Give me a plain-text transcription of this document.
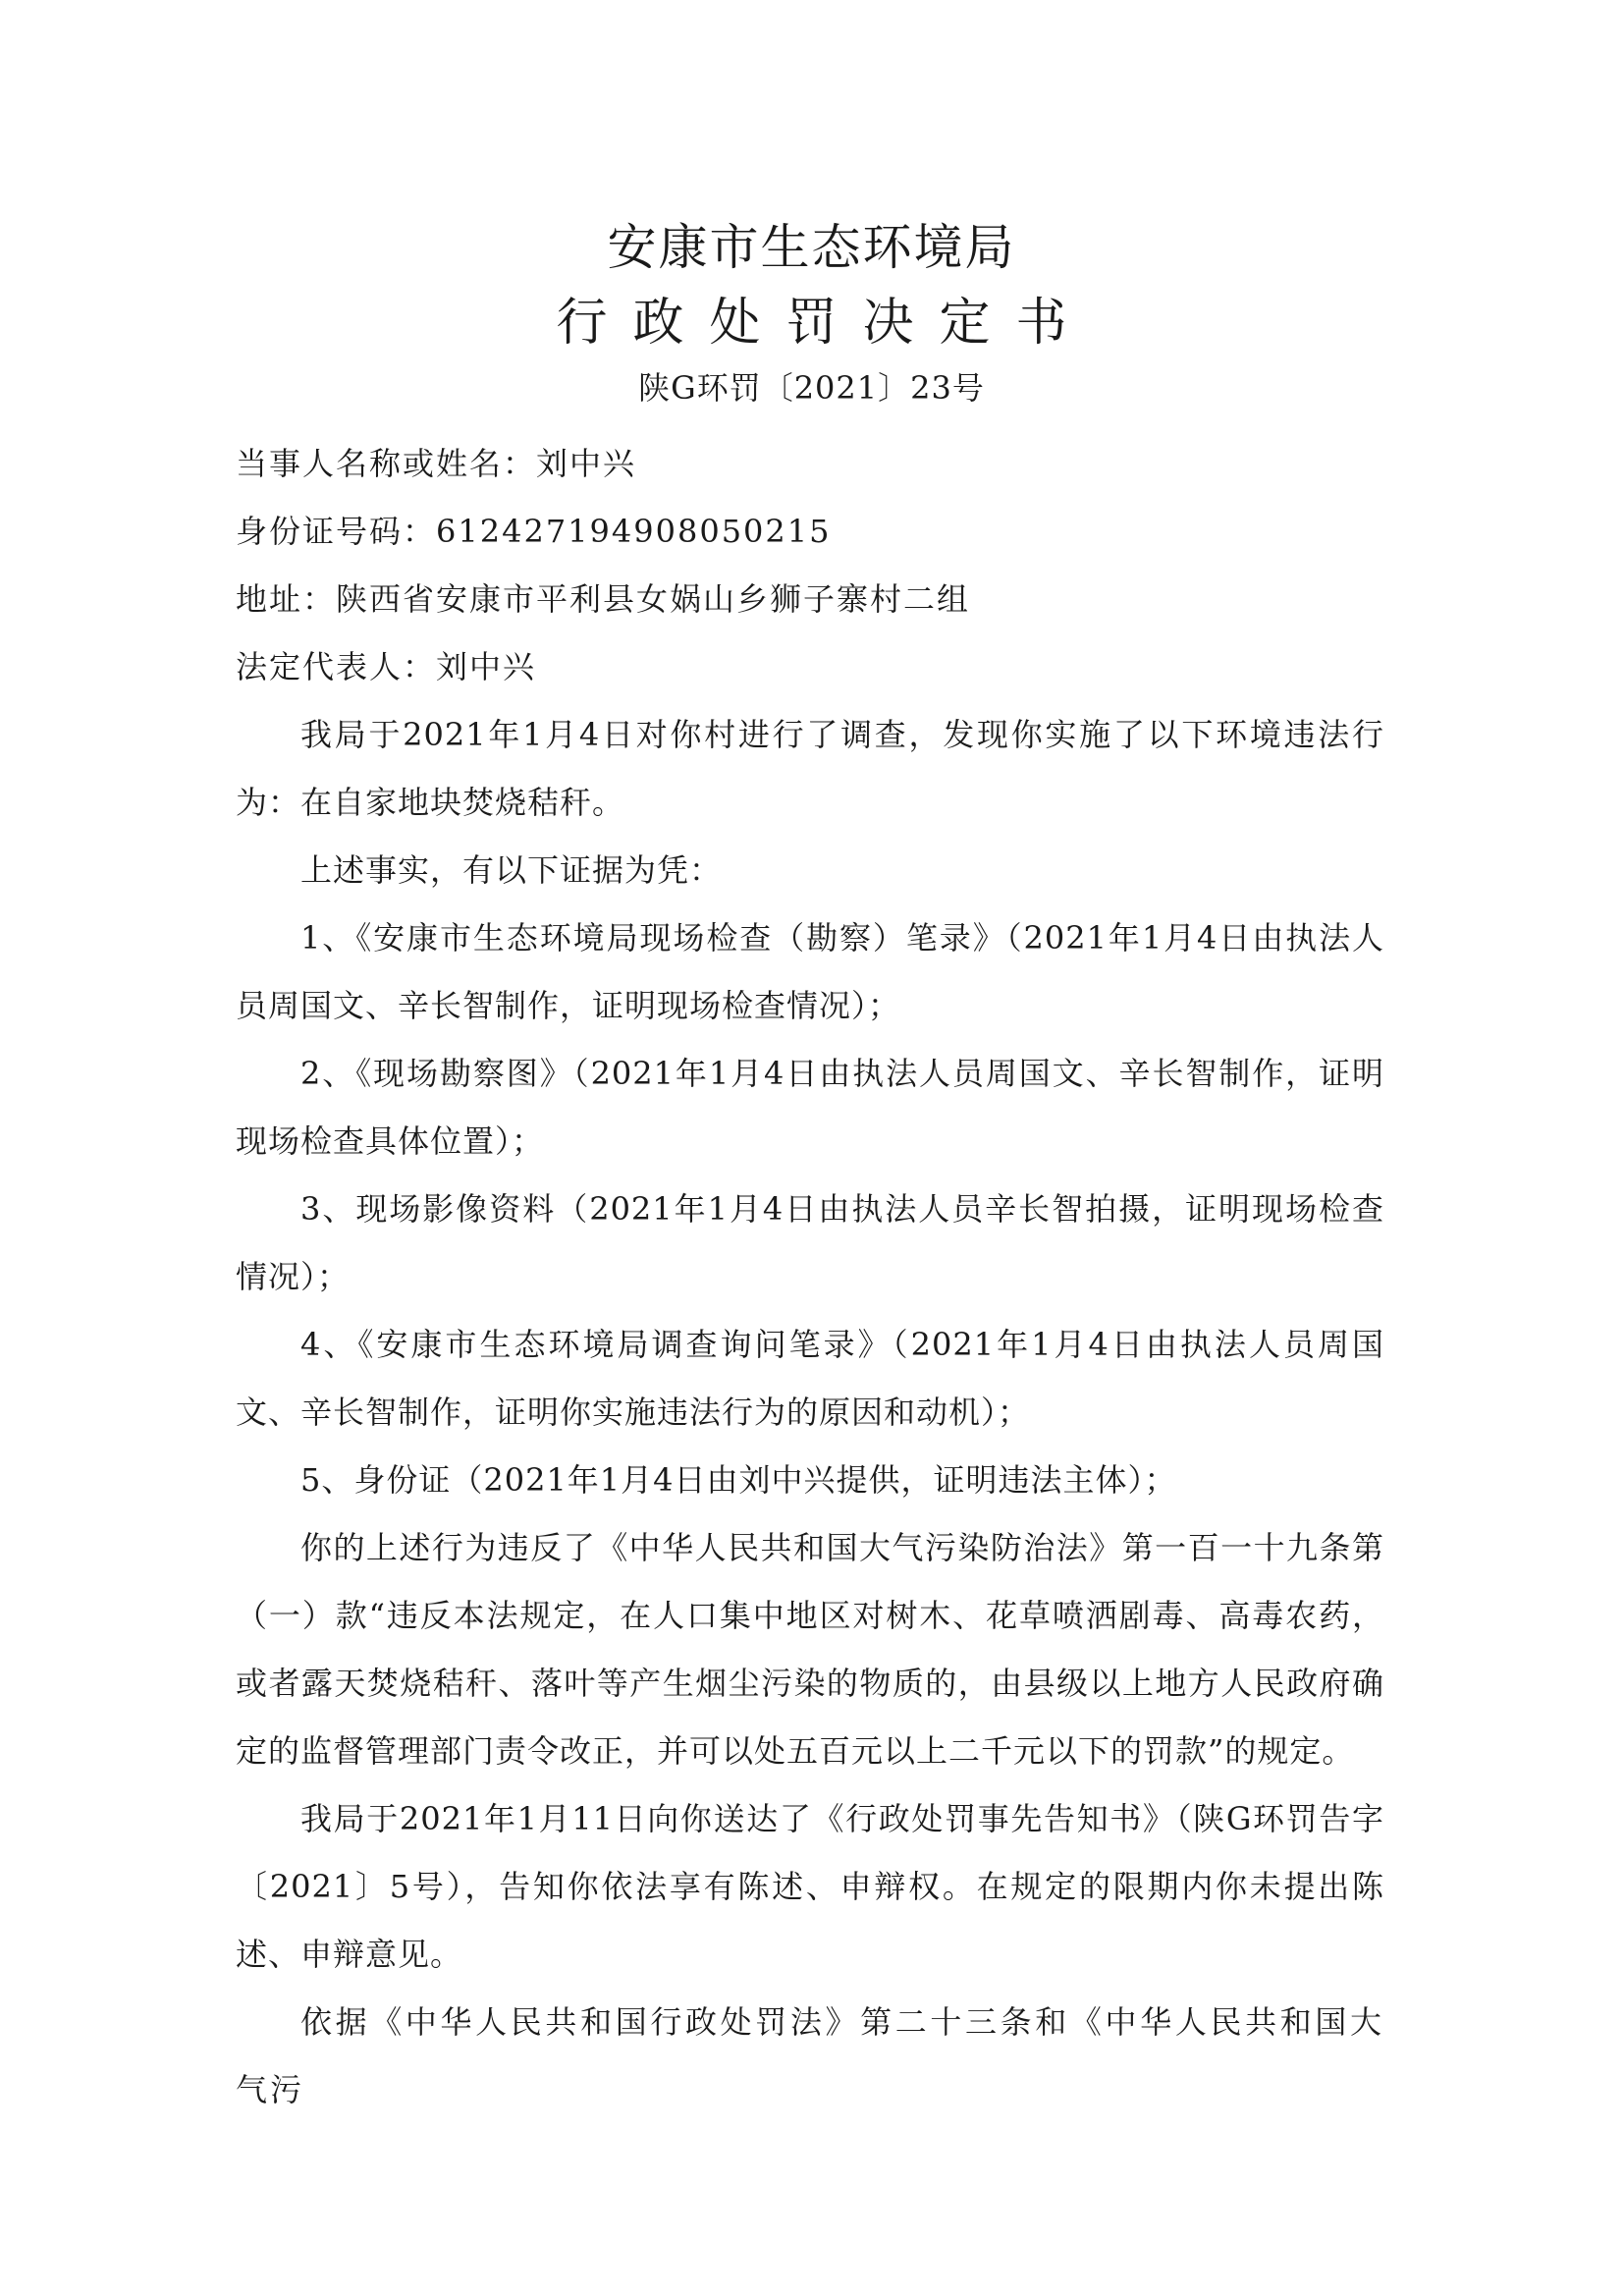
安康市生态环境局
行政处罚决定书
陕G环罚〔2021〕23号

当事人名称或姓名：刘中兴

身份证号码：612427194908050215

地址：陕西省安康市平利县女娲山乡狮子寨村二组

法定代表人：刘中兴

我局于2021年1月4日对你村进行了调查，发现你实施了以下环境违法行为：在自家地块焚烧秸秆。

上述事实，有以下证据为凭：

1、《安康市生态环境局现场检查（勘察）笔录》（2021年1月4日由执法人员周国文、辛长智制作，证明现场检查情况）；

2、《现场勘察图》（2021年1月4日由执法人员周国文、辛长智制作，证明现场检查具体位置）；

3、现场影像资料（2021年1月4日由执法人员辛长智拍摄，证明现场检查情况）；

4、《安康市生态环境局调查询问笔录》（2021年1月4日由执法人员周国文、辛长智制作，证明你实施违法行为的原因和动机）；

5、身份证（2021年1月4日由刘中兴提供，证明违法主体）；

你的上述行为违反了《中华人民共和国大气污染防治法》第一百一十九条第（一）款“违反本法规定，在人口集中地区对树木、花草喷洒剧毒、高毒农药，或者露天焚烧秸秆、落叶等产生烟尘污染的物质的，由县级以上地方人民政府确定的监督管理部门责令改正，并可以处五百元以上二千元以下的罚款”的规定。

我局于2021年1月11日向你送达了《行政处罚事先告知书》（陕G环罚告字〔2021〕5号），告知你依法享有陈述、申辩权。在规定的限期内你未提出陈述、申辩意见。

依据《中华人民共和国行政处罚法》第二十三条和《中华人民共和国大气污
